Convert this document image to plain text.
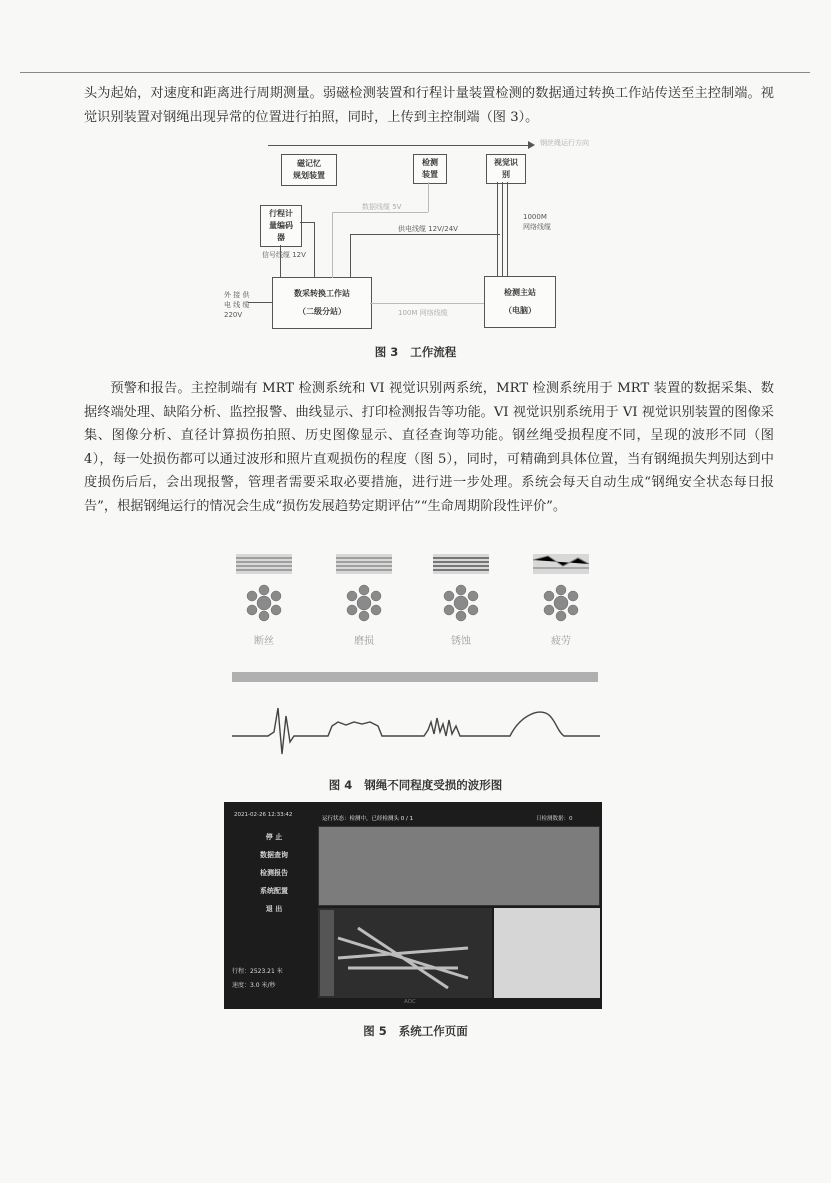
头为起始，对速度和距离进行周期测量。弱磁检测装置和行程计量装置检测的数据通过转换工作站传送至主控制端。视觉识别装置对钢绳出现异常的位置进行拍照，同时，上传到主控制端（图 3）。

钢丝绳运行方向
磁记忆
规划装置
检测
装置
视觉识
别
行程计
量编码
器
数采转换工作站
（二级分站）
检测主站
（电脑）
数据线缆 5V
供电线缆 12V/24V
1000M
网络线缆
信号线缆 12V
外 接 供
电 线 缆
220V	100M 网络线缆
图 3 工作流程

预警和报告。主控制端有 MRT 检测系统和 VI 视觉识别两系统，MRT 检测系统用于 MRT 装置的数据采集、数据终端处理、缺陷分析、监控报警、曲线显示、打印检测报告等功能。VI 视觉识别系统用于 VI 视觉识别装置的图像采集、图像分析、直径计算损伤拍照、历史图像显示、直径查询等功能。钢丝绳受损程度不同，呈现的波形不同（图 4），每一处损伤都可以通过波形和照片直观损伤的程度（图 5），同时，可精确到具体位置，当有钢绳损失判别达到中度损伤后后，会出现报警，管理者需要采取必要措施，进行进一步处理。系统会每天自动生成“钢绳安全状态每日报告”，根据钢绳运行的情况会生成“损伤发展趋势定期评估”“生命周期阶段性评价”。

断丝	磨损	锈蚀	疲劳
图 4 钢绳不同程度受损的波形图
2021-02-26 12:33:42
运行状态：检测中，已经检测头 0 / 1	日检测数据：0
停 止
数据查询
检测报告
系统配置
退 出
行程：2523.21 米
速度：3.0 米/秒
AOC
图 5 系统工作页面
